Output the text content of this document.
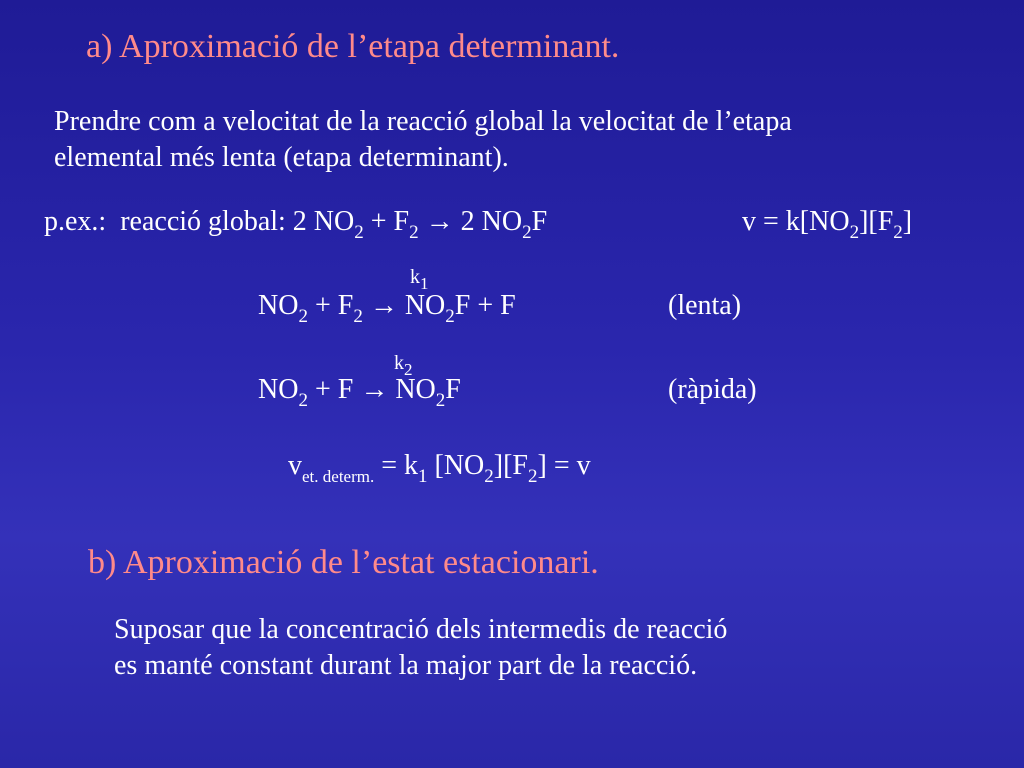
a) Aproximació de l’etapa determinant.
Prendre com a velocitat de la reacció global la velocitat de l’etapa
elemental més lenta (etapa determinant).
p.ex.: reacció global: 2 $NO_2 + F_2 \to 2$ $NO_2F$	$v = k[NO_2][F_2]$
$k_1$
$NO_2 + F_2 \to NO_2F + F$	(lenta)
$k_2$
$NO_2 + F \to NO_2F$	(ràpida)
$v_{et. determ.} = k_1$ $[NO_2][F_2] = v$
b) Aproximació de l’estat estacionari.
Suposar que la concentració dels intermedis de reacció
es manté constant durant la major part de la reacció.
